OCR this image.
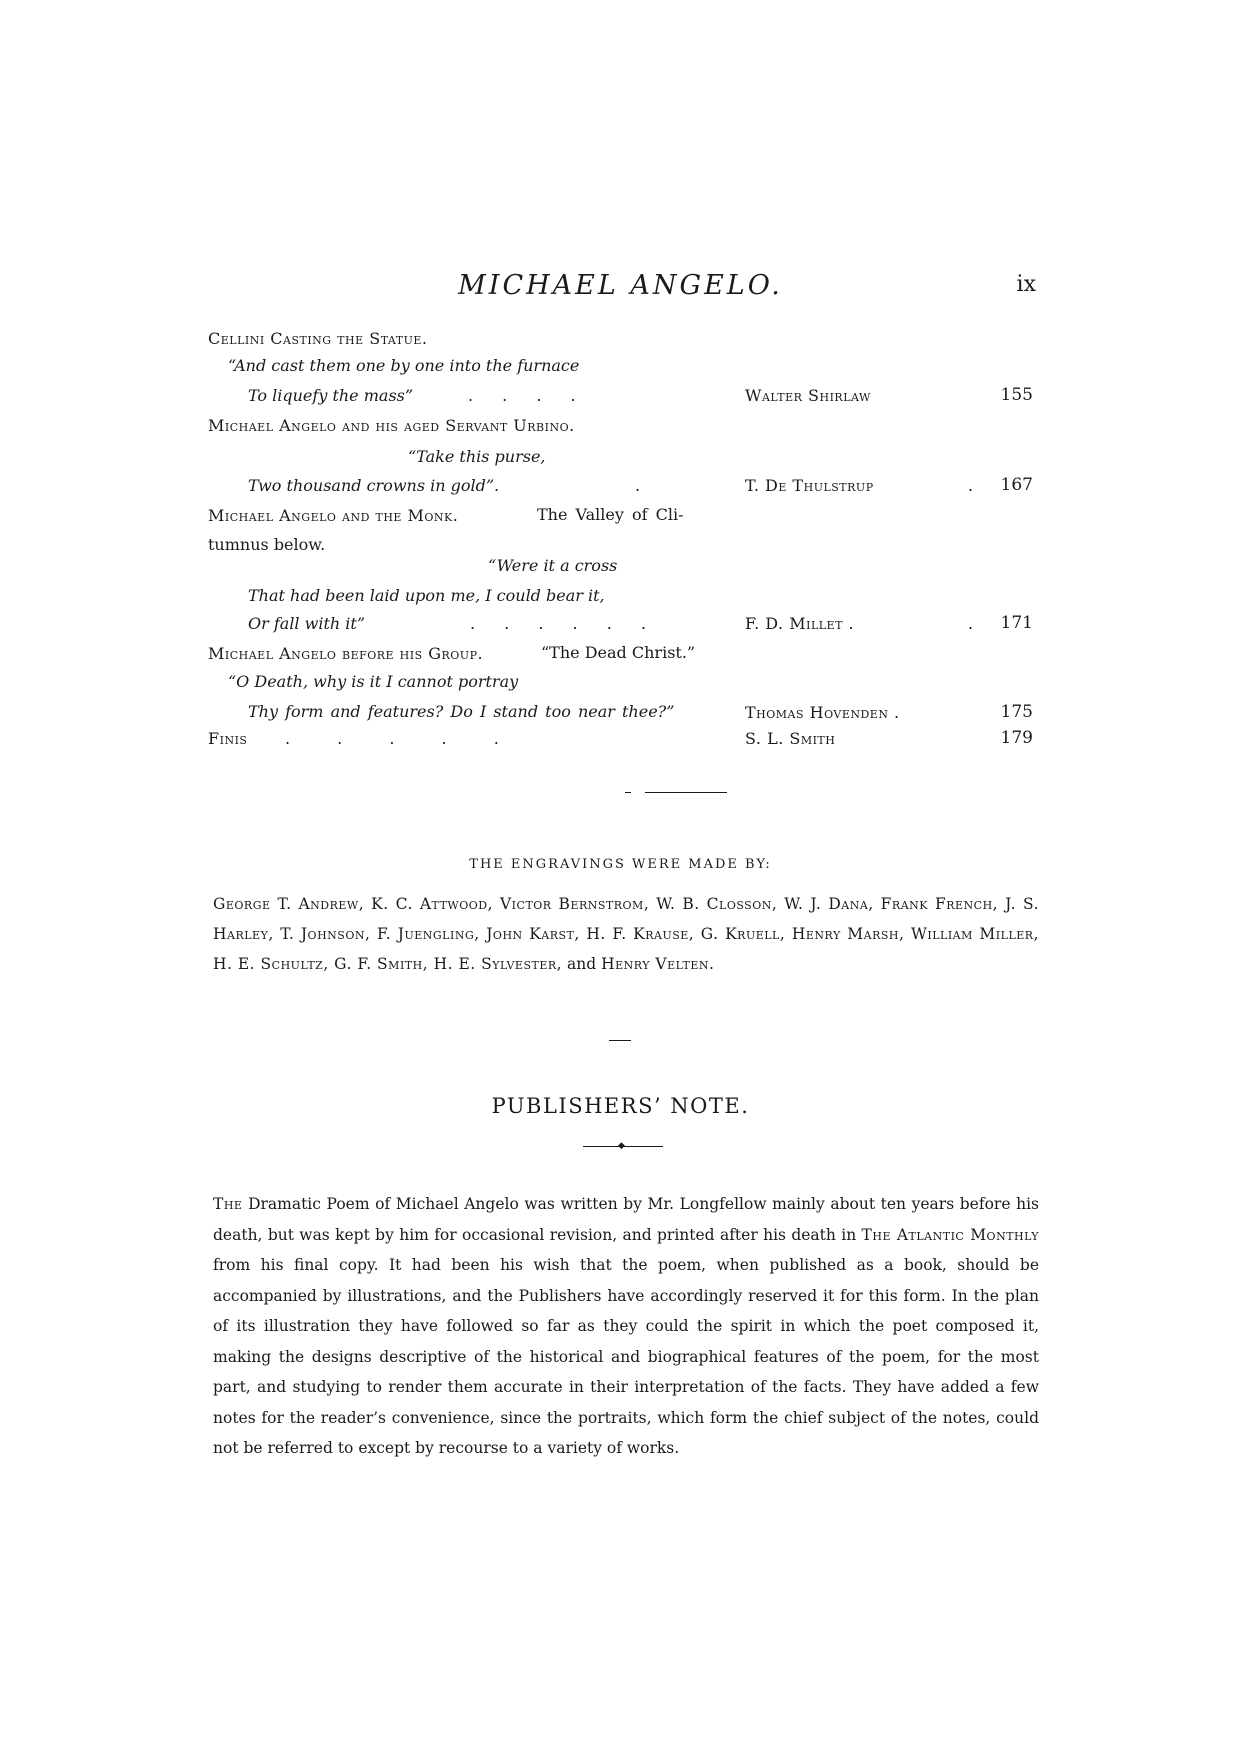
MICHAEL ANGELO.	ix
Cellini Casting the Statue.
“And cast them one by one into the furnace
To liquefy the mass”	. . . .	Walter Shirlaw	155
Michael Angelo and his aged Servant Urbino.
“Take this purse,
Two thousand crowns in gold”.	.	T. De Thulstrup	. 167
Michael Angelo and the Monk.	The Valley of Cli-
tumnus below.
“Were it a cross
That had been laid upon me, I could bear it,
Or fall with it”	. . . . . .	F. D. Millet .	. 171
Michael Angelo before his Group.	“The Dead Christ.”
“O Death, why is it I cannot portray
Thy form and features? Do I stand too near thee?”	Thomas Hovenden .	175
Finis . . . . .	S. L. Smith	179
THE ENGRAVINGS WERE MADE BY:
George T. Andrew, K. C. Attwood, Victor Bernstrom, W. B. Closson, W. J. Dana, Frank French, J. S. Harley, T. Johnson, F. Juengling, John Karst, H. F. Krause, G. Kruell, Henry Marsh, William Miller, H. E. Schultz, G. F. Smith, H. E. Sylvester, and Henry Velten.
PUBLISHERS’ NOTE.
◆
The Dramatic Poem of Michael Angelo was written by Mr. Longfellow mainly about ten years before his death, but was kept by him for occasional revision, and printed after his death in The Atlantic Monthly from his final copy. It had been his wish that the poem, when published as a book, should be accompanied by illustrations, and the Publishers have accordingly reserved it for this form. In the plan of its illustration they have followed so far as they could the spirit in which the poet composed it, making the designs descriptive of the historical and biographical features of the poem, for the most part, and studying to render them accurate in their interpretation of the facts. They have added a few notes for the reader’s convenience, since the portraits, which form the chief subject of the notes, could not be referred to except by recourse to a variety of works.
